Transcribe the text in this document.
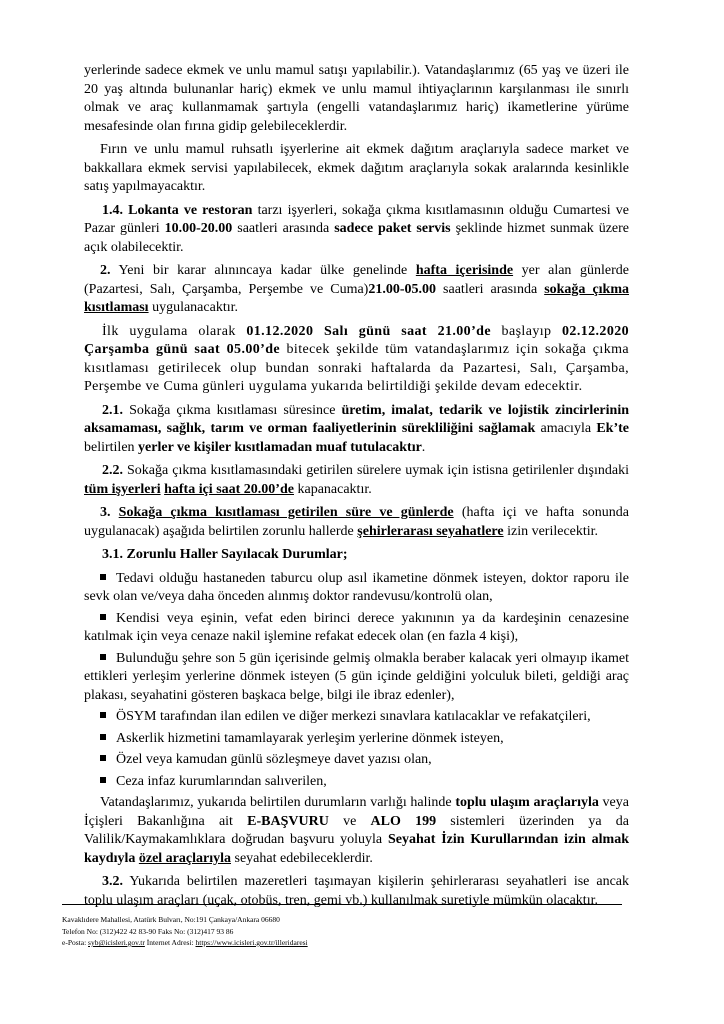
yerlerinde sadece ekmek ve unlu mamul satışı yapılabilir.). Vatandaşlarımız (65 yaş ve üzeri ile 20 yaş altında bulunanlar hariç) ekmek ve unlu mamul ihtiyaçlarının karşılanması ile sınırlı olmak ve araç kullanmamak şartıyla (engelli vatandaşlarımız hariç) ikametlerine yürüme mesafesinde olan fırına gidip gelebileceklerdir.

Fırın ve unlu mamul ruhsatlı işyerlerine ait ekmek dağıtım araçlarıyla sadece market ve bakkallara ekmek servisi yapılabilecek, ekmek dağıtım araçlarıyla sokak aralarında kesinlikle satış yapılmayacaktır.

1.4. Lokanta ve restoran tarzı işyerleri, sokağa çıkma kısıtlamasının olduğu Cumartesi ve Pazar günleri 10.00-20.00 saatleri arasında sadece paket servis şeklinde hizmet sunmak üzere açık olabilecektir.

2. Yeni bir karar alınıncaya kadar ülke genelinde hafta içerisinde yer alan günlerde (Pazartesi, Salı, Çarşamba, Perşembe ve Cuma)21.00-05.00 saatleri arasında sokağa çıkma kısıtlaması uygulanacaktır.

İlk uygulama olarak 01.12.2020 Salı günü saat 21.00’de başlayıp 02.12.2020 Çarşamba günü saat 05.00’de bitecek şekilde tüm vatandaşlarımız için sokağa çıkma kısıtlaması getirilecek olup bundan sonraki haftalarda da Pazartesi, Salı, Çarşamba, Perşembe ve Cuma günleri uygulama yukarıda belirtildiği şekilde devam edecektir.

2.1. Sokağa çıkma kısıtlaması süresince üretim, imalat, tedarik ve lojistik zincirlerinin aksamaması, sağlık, tarım ve orman faaliyetlerinin sürekliliğini sağlamak amacıyla Ek’te belirtilen yerler ve kişiler kısıtlamadan muaf tutulacaktır.

2.2. Sokağa çıkma kısıtlamasındaki getirilen sürelere uymak için istisna getirilenler dışındaki tüm işyerleri hafta içi saat 20.00’de kapanacaktır.

3. Sokağa çıkma kısıtlaması getirilen süre ve günlerde (hafta içi ve hafta sonunda uygulanacak) aşağıda belirtilen zorunlu hallerde şehirlerarası seyahatlere izin verilecektir.

3.1. Zorunlu Haller Sayılacak Durumlar;

Tedavi olduğu hastaneden taburcu olup asıl ikametine dönmek isteyen, doktor raporu ile sevk olan ve/veya daha önceden alınmış doktor randevusu/kontrolü olan,
Kendisi veya eşinin, vefat eden birinci derece yakınının ya da kardeşinin cenazesine katılmak için veya cenaze nakil işlemine refakat edecek olan (en fazla 4 kişi),
Bulunduğu şehre son 5 gün içerisinde gelmiş olmakla beraber kalacak yeri olmayıp ikamet ettikleri yerleşim yerlerine dönmek isteyen (5 gün içinde geldiğini yolculuk bileti, geldiği araç plakası, seyahatini gösteren başkaca belge, bilgi ile ibraz edenler),
ÖSYM tarafından ilan edilen ve diğer merkezi sınavlara katılacaklar ve refakatçileri,
Askerlik hizmetini tamamlayarak yerleşim yerlerine dönmek isteyen,
Özel veya kamudan günlü sözleşmeye davet yazısı olan,
Ceza infaz kurumlarından salıverilen,

Vatandaşlarımız, yukarıda belirtilen durumların varlığı halinde toplu ulaşım araçlarıyla veya İçişleri Bakanlığına ait E-BAŞVURU ve ALO 199 sistemleri üzerinden ya da Valilik/Kaymakamlıklara doğrudan başvuru yoluyla Seyahat İzin Kurullarından izin almak kaydıyla özel araçlarıyla seyahat edebileceklerdir.

3.2. Yukarıda belirtilen mazeretleri taşımayan kişilerin şehirlerarası seyahatleri ise ancak toplu ulaşım araçları (uçak, otobüs, tren, gemi vb.) kullanılmak suretiyle mümkün olacaktır.

Kavaklıdere Mahallesi, Atatürk Bulvarı, No:191 Çankaya/Ankara 06680
Telefon No: (312)422 42 83-90 Faks No: (312)417 93 86
e-Posta: syb@icisleri.gov.tr İnternet Adresi: https://www.icisleri.gov.tr/illeridaresi
